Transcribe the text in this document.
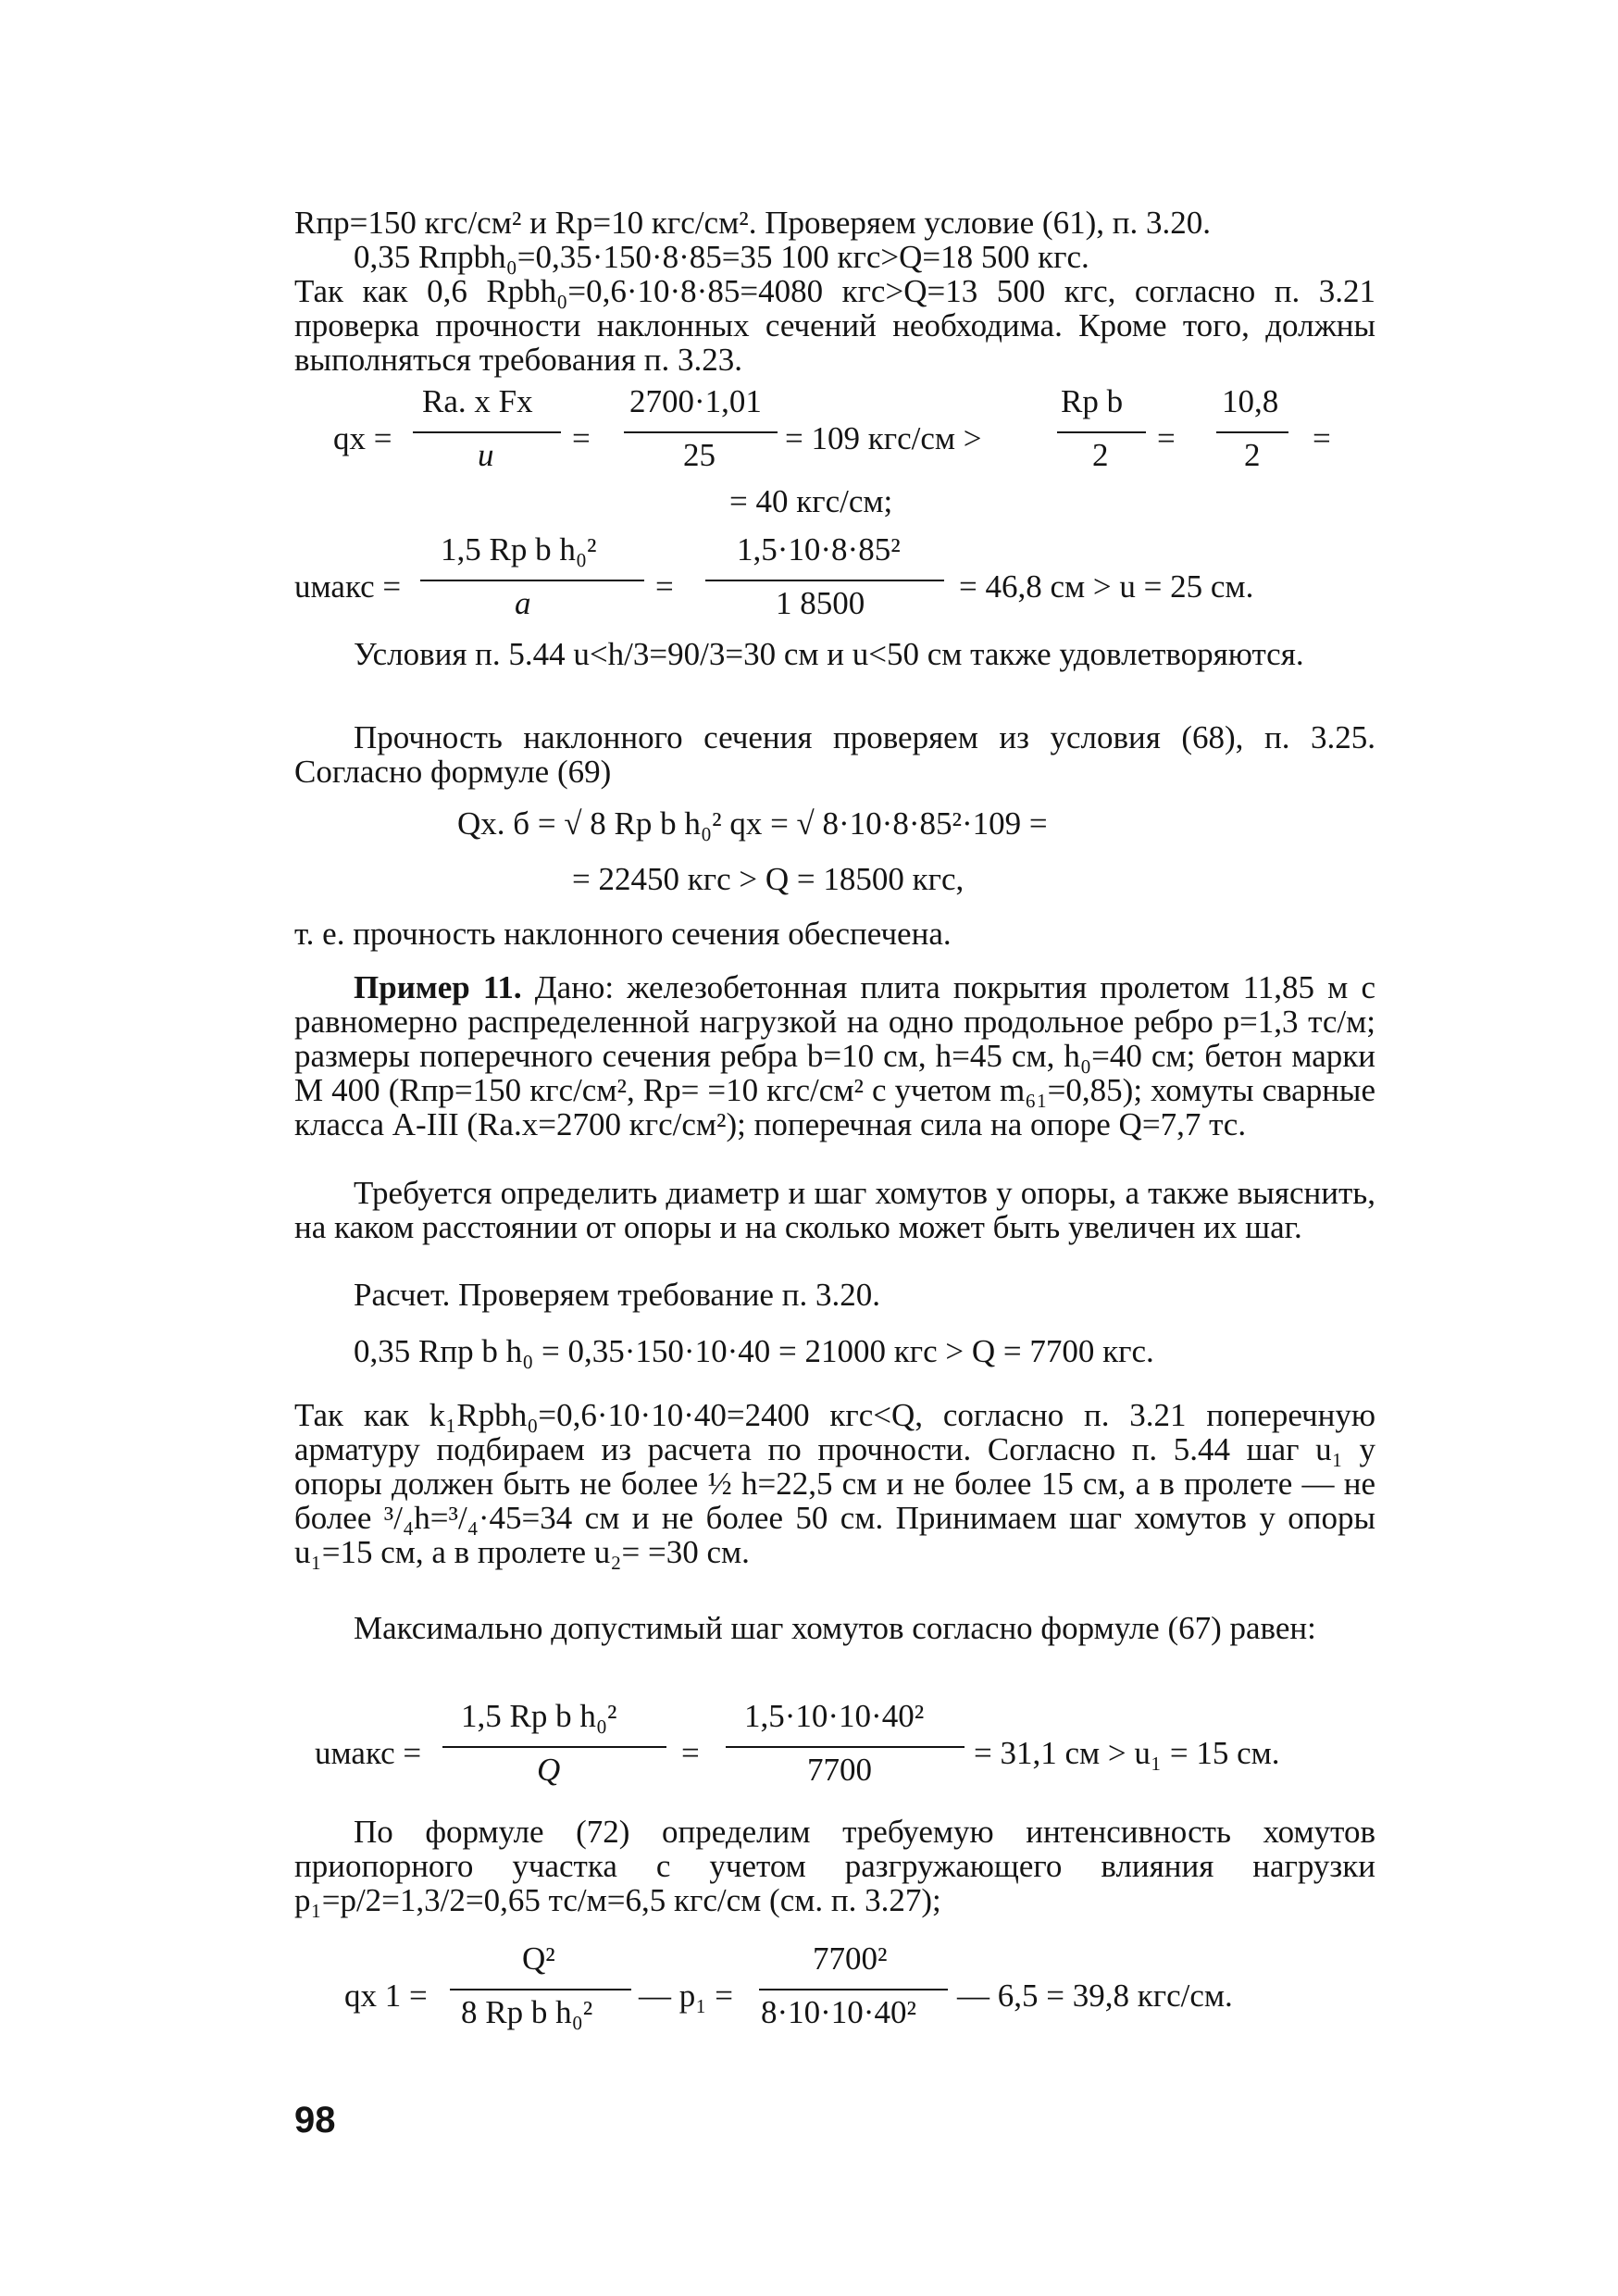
Rпр=150 кгс/см² и Rр=10 кгс/см². Проверяем условие (61), п. 3.20.

0,35 Rпрbh₀=0,35·150·8·85=35 100 кгс>Q=18 500 кгс.

Так как 0,6 Rрbh₀=0,6·10·8·85=4080 кгс>Q=13 500 кгс, согласно п. 3.21 проверка прочности наклонных сечений необходима. Кроме того, должны выполняться требования п. 3.23.

qх =
Rа. х Fх
u =
2700·1,01
25 = 109 кгс/см >
Rр b
2 =
10,8
2 =
= 40 кгс/см;
uмакс =
1,5 Rр b h₀²
a	=
1,5·10·8·85²
1 8500	= 46,8 см > u = 25 см.

Условия п. 5.44 u<h/3=90/3=30 см и u<50 см также удовлетворяются.

Прочность наклонного сечения проверяем из условия (68), п. 3.25. Согласно формуле (69)

Qх. б = √ 8 Rр b h₀² qх = √ 8·10·8·85²·109 =
= 22450 кгс > Q = 18500 кгс,

т. е. прочность наклонного сечения обеспечена.

Пример 11. Дано: железобетонная плита покрытия пролетом 11,85 м с равномерно распределенной нагрузкой на одно продольное ребро p=1,3 тс/м; размеры поперечного сечения ребра b=10 см, h=45 см, h₀=40 см; бетон марки М 400 (Rпр=150 кгс/см², Rр= =10 кгс/см² с учетом m₆₁=0,85); хомуты сварные класса А-III (Rа.х=2700 кгс/см²); поперечная сила на опоре Q=7,7 тс.

Требуется определить диаметр и шаг хомутов у опоры, а также выяснить, на каком расстоянии от опоры и на сколько может быть увеличен их шаг.

Расчет. Проверяем требование п. 3.20.

0,35 Rпр b h₀ = 0,35·150·10·40 = 21000 кгс > Q = 7700 кгс.

Так как k₁Rрbh₀=0,6·10·10·40=2400 кгс<Q, согласно п. 3.21 поперечную арматуру подбираем из расчета по прочности. Согласно п. 5.44 шаг u₁ у опоры должен быть не более ½ h=22,5 см и не более 15 см, а в пролете — не более ³/₄h=³/₄·45=34 см и не более 50 см. Принимаем шаг хомутов у опоры u₁=15 см, а в пролете u₂= =30 см.

Максимально допустимый шаг хомутов согласно формуле (67) равен:

uмакс =
1,5 Rр b h₀²
Q	=
1,5·10·10·40²
7700	= 31,1 см > u₁ = 15 см.

По формуле (72) определим требуемую интенсивность хомутов приопорного участка с учетом разгружающего влияния нагрузки p₁=p/2=1,3/2=0,65 тс/м=6,5 кгс/см (см. п. 3.27);

qх 1 =
Q²
8 Rр b h₀² — p₁ =
7700²
8·10·10·40² — 6,5 = 39,8 кгс/см.
98
